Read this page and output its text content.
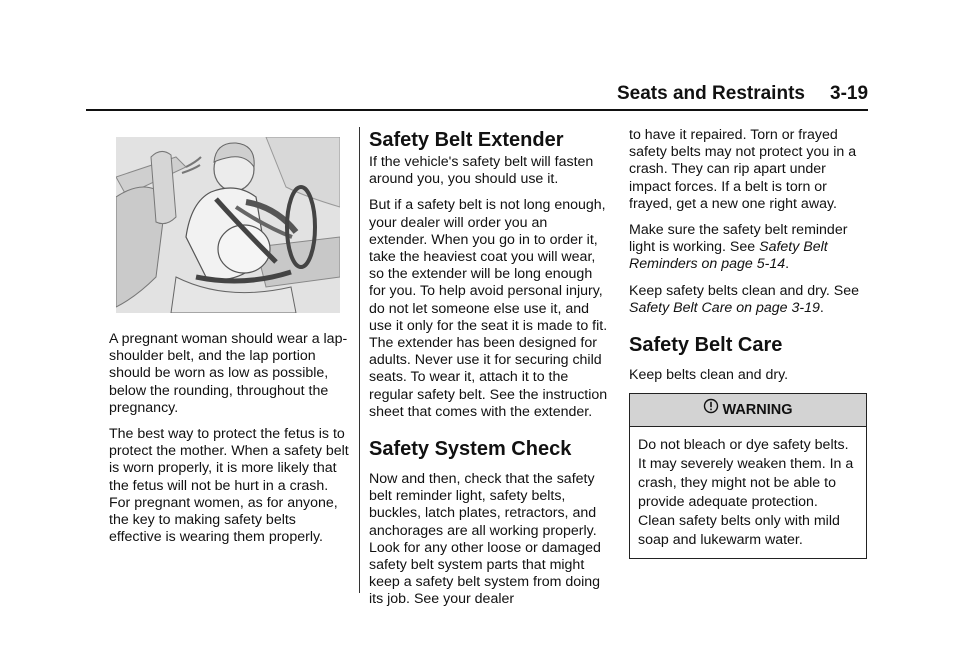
Seats and Restraints 3-19

A pregnant woman should wear a lap-shoulder belt, and the lap portion should be worn as low as possible, below the rounding, throughout the pregnancy.

The best way to protect the fetus is to protect the mother. When a safety belt is worn properly, it is more likely that the fetus will not be hurt in a crash. For pregnant women, as for anyone, the key to making safety belts effective is wearing them properly.

Safety Belt Extender

If the vehicle's safety belt will fasten around you, you should use it.

But if a safety belt is not long enough, your dealer will order you an extender. When you go in to order it, take the heaviest coat you will wear, so the extender will be long enough for you. To help avoid personal injury, do not let someone else use it, and use it only for the seat it is made to fit. The extender has been designed for adults. Never use it for securing child seats. To wear it, attach it to the regular safety belt. See the instruction sheet that comes with the extender.

Safety System Check

Now and then, check that the safety belt reminder light, safety belts, buckles, latch plates, retractors, and anchorages are all working properly. Look for any other loose or damaged safety belt system parts that might keep a safety belt system from doing its job. See your dealer

to have it repaired. Torn or frayed safety belts may not protect you in a crash. They can rip apart under impact forces. If a belt is torn or frayed, get a new one right away.

Make sure the safety belt reminder light is working. See Safety Belt Reminders on page 5-14.

Keep safety belts clean and dry. See Safety Belt Care on page 3-19.

Safety Belt Care

Keep belts clean and dry.

WARNING
Do not bleach or dye safety belts. It may severely weaken them. In a crash, they might not be able to provide adequate protection. Clean safety belts only with mild soap and lukewarm water.
